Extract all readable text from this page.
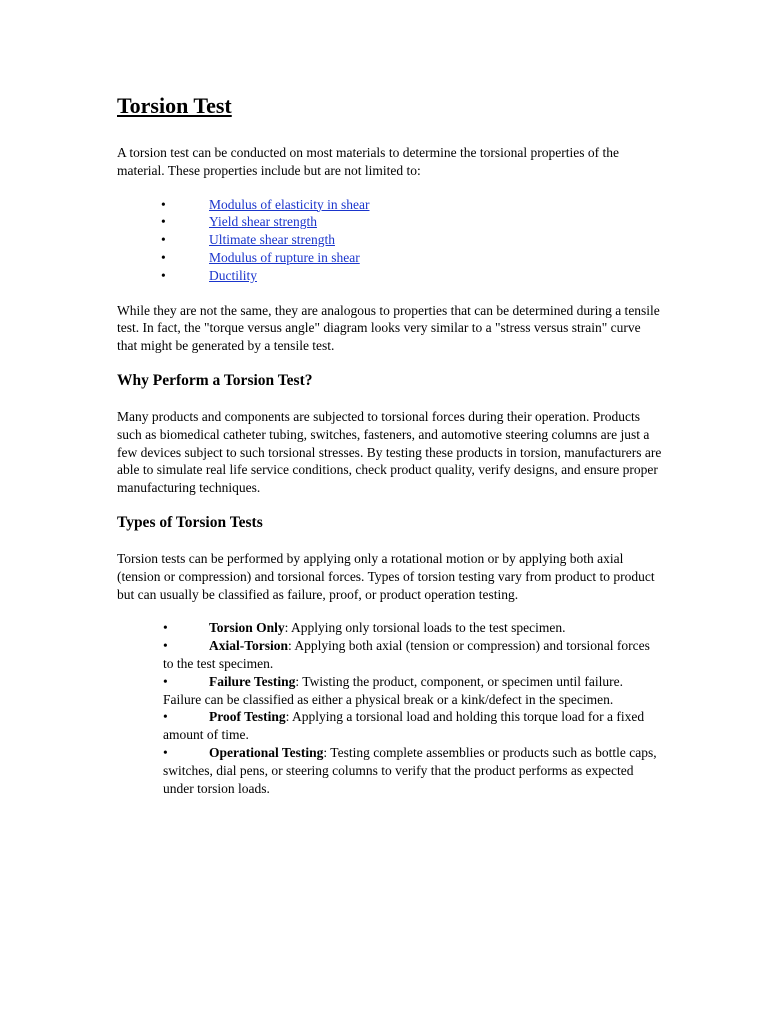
Torsion Test

A torsion test can be conducted on most materials to determine the torsional properties of the material. These properties include but are not limited to:

•	Modulus of elasticity in shear
•	Yield shear strength
•	Ultimate shear strength
•	Modulus of rupture in shear
•	Ductility

While they are not the same, they are analogous to properties that can be determined during a tensile test. In fact, the "torque versus angle" diagram looks very similar to a "stress versus strain" curve that might be generated by a tensile test.

Why Perform a Torsion Test?

Many products and components are subjected to torsional forces during their operation. Products such as biomedical catheter tubing, switches, fasteners, and automotive steering columns are just a few devices subject to such torsional stresses. By testing these products in torsion, manufacturers are able to simulate real life service conditions, check product quality, verify designs, and ensure proper manufacturing techniques.

Types of Torsion Tests

Torsion tests can be performed by applying only a rotational motion or by applying both axial (tension or compression) and torsional forces. Types of torsion testing vary from product to product but can usually be classified as failure, proof, or product operation testing.

•	Torsion Only: Applying only torsional loads to the test specimen.
•	Axial-Torsion: Applying both axial (tension or compression) and torsional forces to the test specimen.
•	Failure Testing: Twisting the product, component, or specimen until failure. Failure can be classified as either a physical break or a kink/defect in the specimen.
•	Proof Testing: Applying a torsional load and holding this torque load for a fixed amount of time.
•	Operational Testing: Testing complete assemblies or products such as bottle caps, switches, dial pens, or steering columns to verify that the product performs as expected under torsion loads.
